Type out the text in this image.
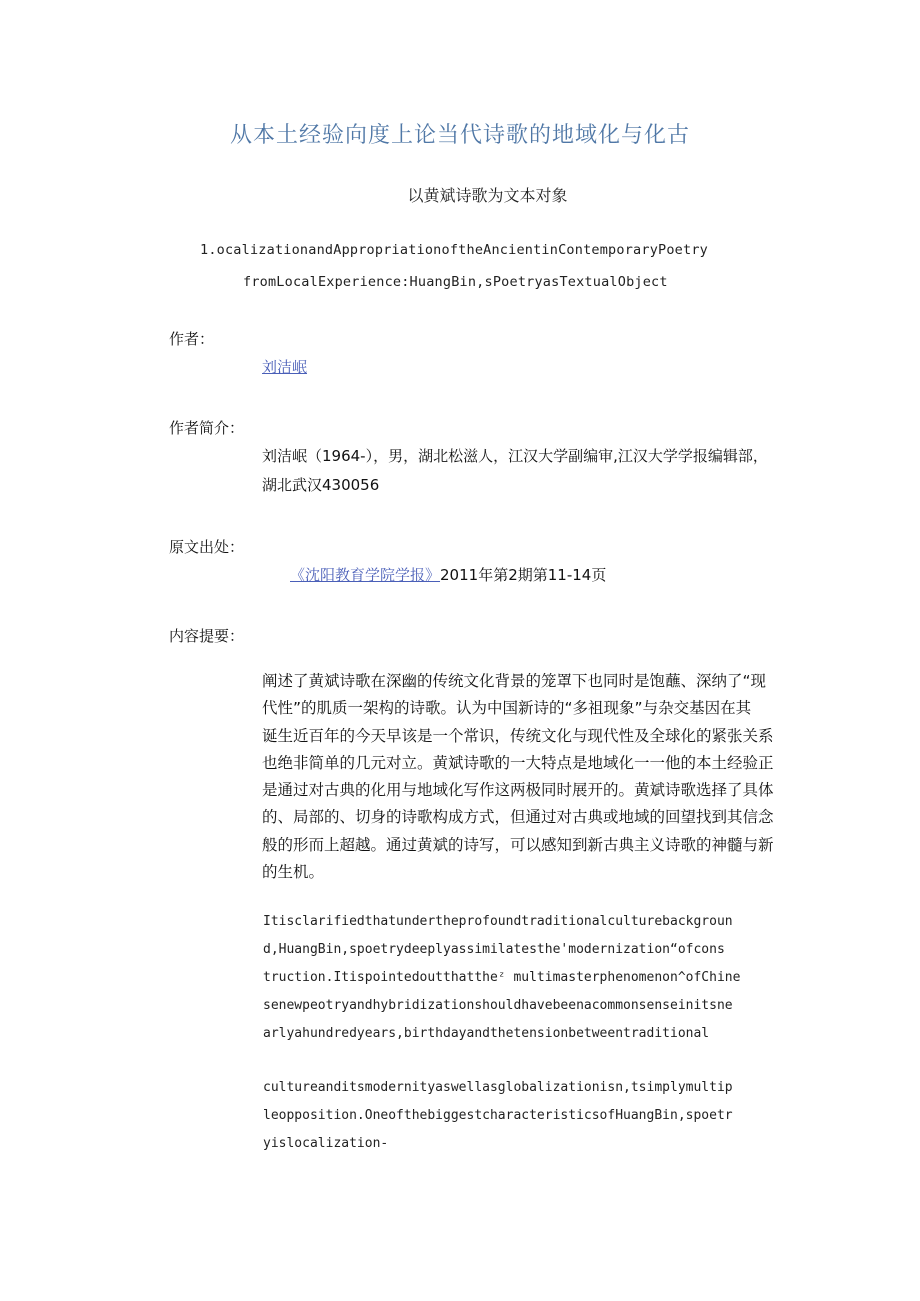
从本土经验向度上论当代诗歌的地域化与化古
以黄斌诗歌为文本对象
1.ocalizationandAppropriationoftheAncientinContemporaryPoetry
fromLocalExperience:HuangBin,sPoetryasTextualObject
作者：
刘洁岷
作者简介：
刘洁岷（1964-），男，湖北松滋人，江汉大学副编审,江汉大学学报编辑部，
湖北武汉430056
原文出处：
《沈阳教育学院学报》2011年第2期第11-14页
内容提要：

阐述了黄斌诗歌在深幽的传统文化背景的笼罩下也同时是饱蘸、深纳了“现

代性”的肌质一架构的诗歌。认为中国新诗的“多祖现象”与杂交基因在其

诞生近百年的今天早该是一个常识，传统文化与现代性及全球化的紧张关系

也绝非简单的几元对立。黄斌诗歌的一大特点是地域化一一他的本土经验正

是通过对古典的化用与地域化写作这两极同时展开的。黄斌诗歌选择了具体

的、局部的、切身的诗歌构成方式，但通过对古典或地域的回望找到其信念

般的形而上超越。通过黄斌的诗写，可以感知到新古典主义诗歌的神髓与新

的生机。

Itisclarifiedthatundertheprofoundtraditionalculturebackgroun
d,HuangBin,spoetrydeeplyassimilatesthe'modernization“ofcons
truction.Itispointedoutthattheᶻ multimasterphenomenon^ofChine
senewpeotryandhybridizationshouldhavebeenacommonsenseinitsne
arlyahundredyears,birthdayandthetensionbetweentraditional
cultureanditsmodernityaswellasglobalizationisn,tsimplymultip
leopposition.OneofthebiggestcharacteristicsofHuangBin,spoetr
yislocalization-
